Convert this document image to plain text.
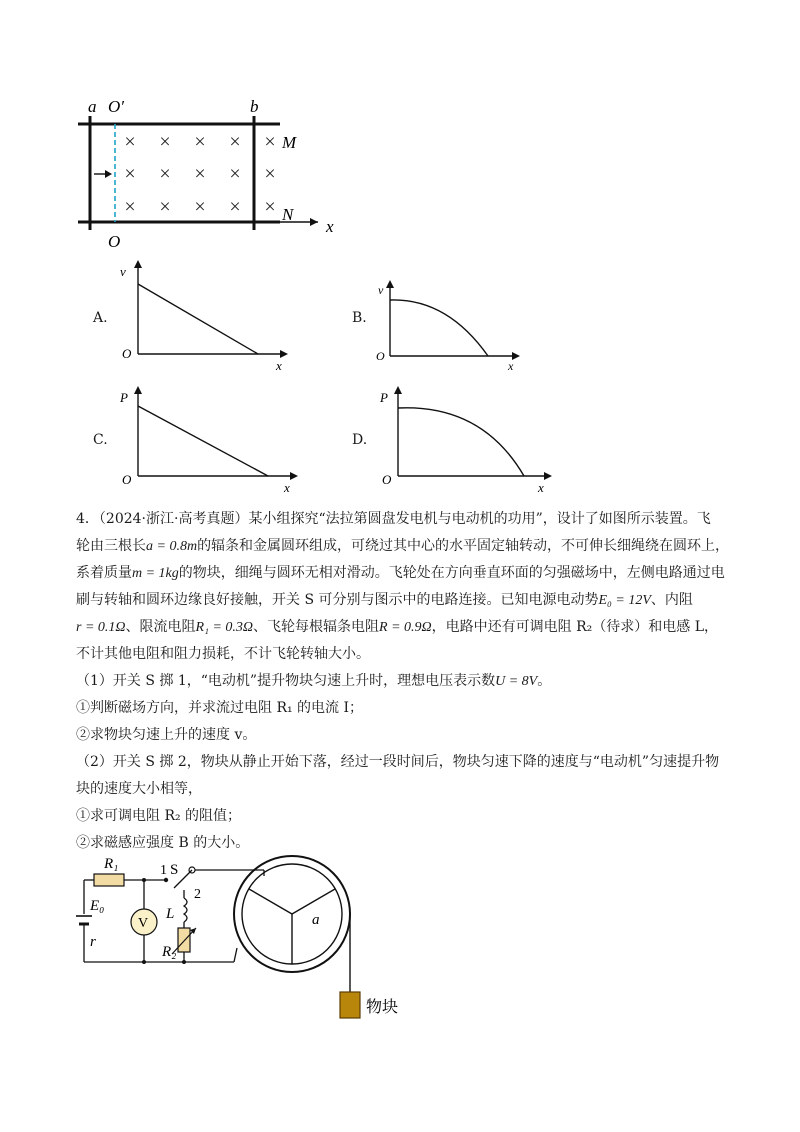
× × × × ×
× × × × ×
× × × × ×
a O′	b
M
N
O
x
A.
v
O
x
B.
v
O
x
C.
P
O
x
D.
P
O
x

4．（2024·浙江·高考真题）某小组探究“法拉第圆盘发电机与电动机的功用”，设计了如图所示装置。飞

轮由三根长a = 0.8m的辐条和金属圆环组成，可绕过其中心的水平固定轴转动，不可伸长细绳绕在圆环上，

系着质量m = 1kg的物块，细绳与圆环无相对滑动。飞轮处在方向垂直环面的匀强磁场中，左侧电路通过电

刷与转轴和圆环边缘良好接触，开关 S 可分别与图示中的电路连接。已知电源电动势E₀ = 12V、内阻

r = 0.1Ω、限流电阻R₁ = 0.3Ω、飞轮每根辐条电阻R = 0.9Ω，电路中还有可调电阻 R₂（待求）和电感 L，

不计其他电阻和阻力损耗，不计飞轮转轴大小。

（1）开关 S 掷 1，“电动机”提升物块匀速上升时，理想电压表示数U = 8V。

①判断磁场方向，并求流过电阻 R₁ 的电流 I；

②求物块匀速上升的速度 v。

（2）开关 S 掷 2，物块从静止开始下落，经过一段时间后，物块匀速下降的速度与“电动机”匀速提升物

块的速度大小相等，

①求可调电阻 R₂ 的阻值；

②求磁感应强度 B 的大小。

R₁	1
V
E₀
r
S
2
L
R₂
a
物块
